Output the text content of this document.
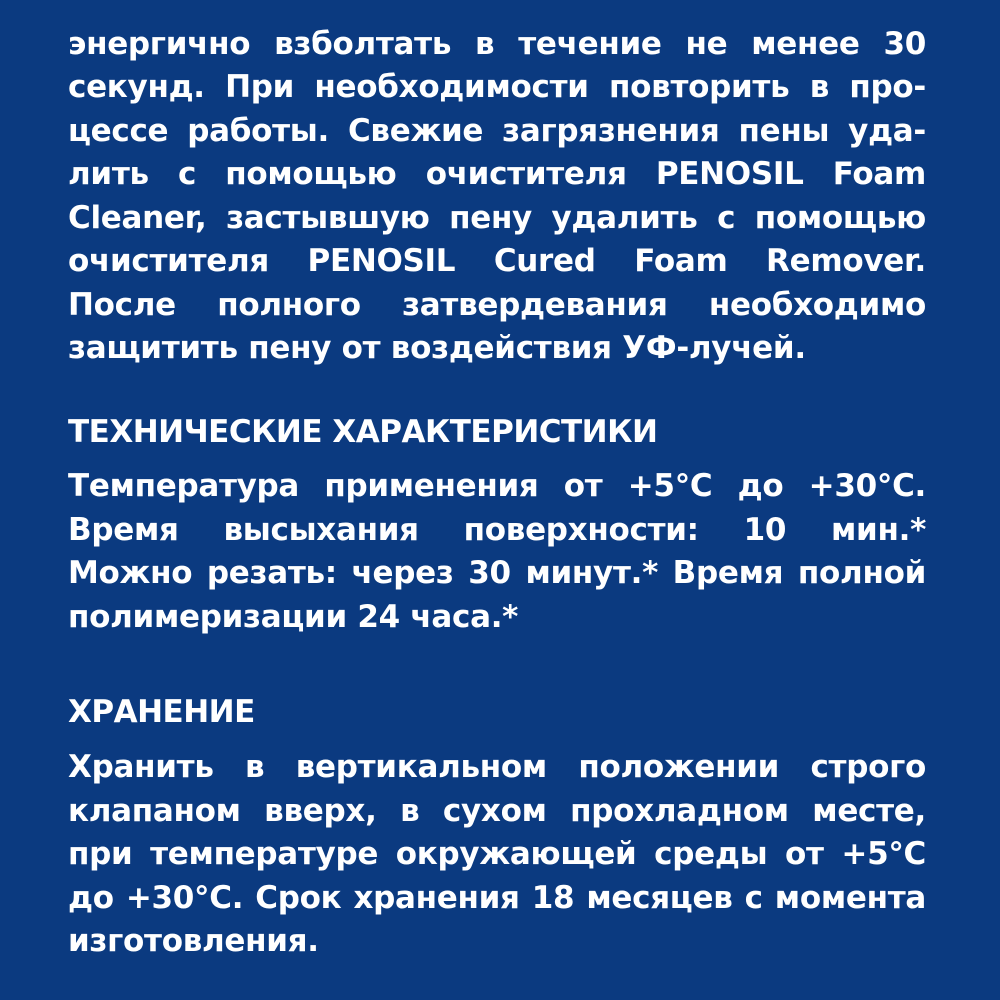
энергично взболтать в течение не менее 30
секунд. При необходимости повторить в про-
цессе работы. Свежие загрязнения пены уда-
лить с помощью очистителя PENOSIL Foam
Cleaner, застывшую пену удалить с помощью
очистителя PENOSIL Cured Foam Remover.
После полного затвердевания необходимо
защитить пену от воздействия УФ-лучей.
ТЕХНИЧЕСКИЕ ХАРАКТЕРИСТИКИ
Температура применения от +5°С до +30°С.
Время высыхания поверхности: 10 мин.*
Можно резать: через 30 минут.* Время полной
полимеризации 24 часа.*
ХРАНЕНИЕ
Хранить в вертикальном положении строго
клапаном вверх, в сухом прохладном месте,
при температуре окружающей среды от +5°С
до +30°С. Срок хранения 18 месяцев с момента
изготовления.
